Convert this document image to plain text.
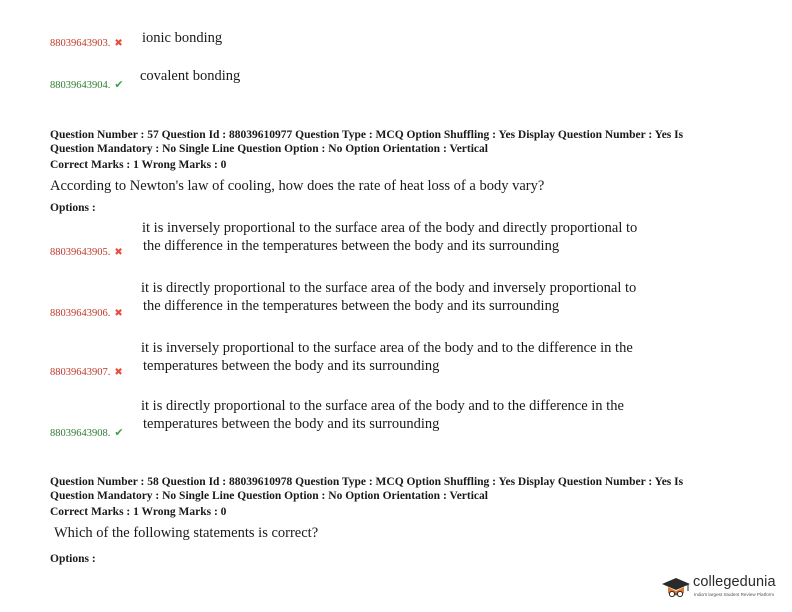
88039643903. ✖ ionic bonding
88039643904. ✔
covalent bonding
Question Number : 57 Question Id : 88039610977 Question Type : MCQ Option Shuffling : Yes Display Question Number : Yes Is
Question Mandatory : No Single Line Question Option : No Option Orientation : Vertical
Correct Marks : 1 Wrong Marks : 0
According to Newton's law of cooling, how does the rate of heat loss of a body vary?
Options :
it is inversely proportional to the surface area of the body and directly proportional to
the difference in the temperatures between the body and its surrounding
88039643905. ✖
it is directly proportional to the surface area of the body and inversely proportional to
the difference in the temperatures between the body and its surrounding
88039643906. ✖
it is inversely proportional to the surface area of the body and to the difference in the
temperatures between the body and its surrounding
88039643907. ✖
it is directly proportional to the surface area of the body and to the difference in the
temperatures between the body and its surrounding
88039643908. ✔
Question Number : 58 Question Id : 88039610978 Question Type : MCQ Option Shuffling : Yes Display Question Number : Yes Is
Question Mandatory : No Single Line Question Option : No Option Orientation : Vertical
Correct Marks : 1 Wrong Marks : 0
Which of the following statements is correct?
Options :
collegedunia
India's largest Student Review Platform
